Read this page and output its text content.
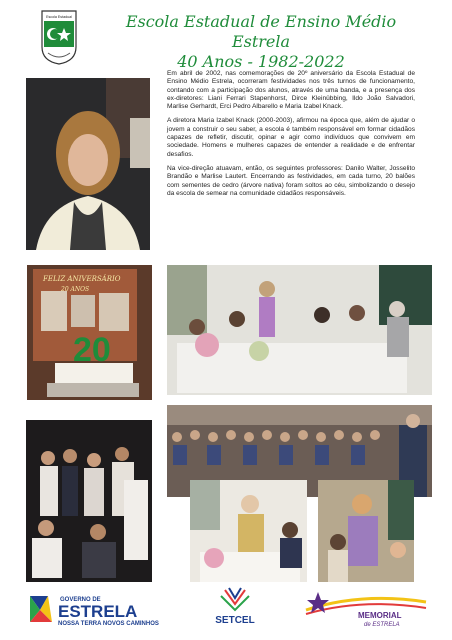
Escola Estadual	Escola Estadual de Ensino Médio Estrela
40 Anos - 1982-2022

Em abril de 2002, nas comemorações de 20º aniversário da Escola Estadual de Ensino Médio Estrela, ocorreram festividades nos três turnos de funcionamento, contando com a participação dos alunos, através de uma banda, e a presença dos ex-diretores: Liani Ferrari Stapenhorst, Dirce Kleinübbing, Ildo João Salvadori, Marlise Gerhardt, Erci Pedro Albarello e Maria Izabel Knack.

A diretora Maria Izabel Knack (2000-2003), afirmou na época que, além de ajudar o jovem a construir o seu saber, a escola é também responsável em formar cidadãos capazes de refletir, discutir, opinar e agir como indivíduos que convivem em sociedade. Homens e mulheres capazes de entender a realidade e de enfrentar desafios.

Na vice-direção atuavam, então, os seguintes professores: Danilo Walter, Josselito Brandão e Marlise Lautert. Encerrando as festividades, em cada turno, 20 balões com sementes de cedro (árvore nativa) foram soltos ao céu, simbolizando o desejo da escola de semear na comunidade cidadãos responsáveis.

FELIZ ANIVERSÁRIO
20 ANOS
20
GOVERNO DE
ESTRELA
NOSSA TERRA NOVOS CAMINHOS	SETCEL	MEMORIAL
de ESTRELA
